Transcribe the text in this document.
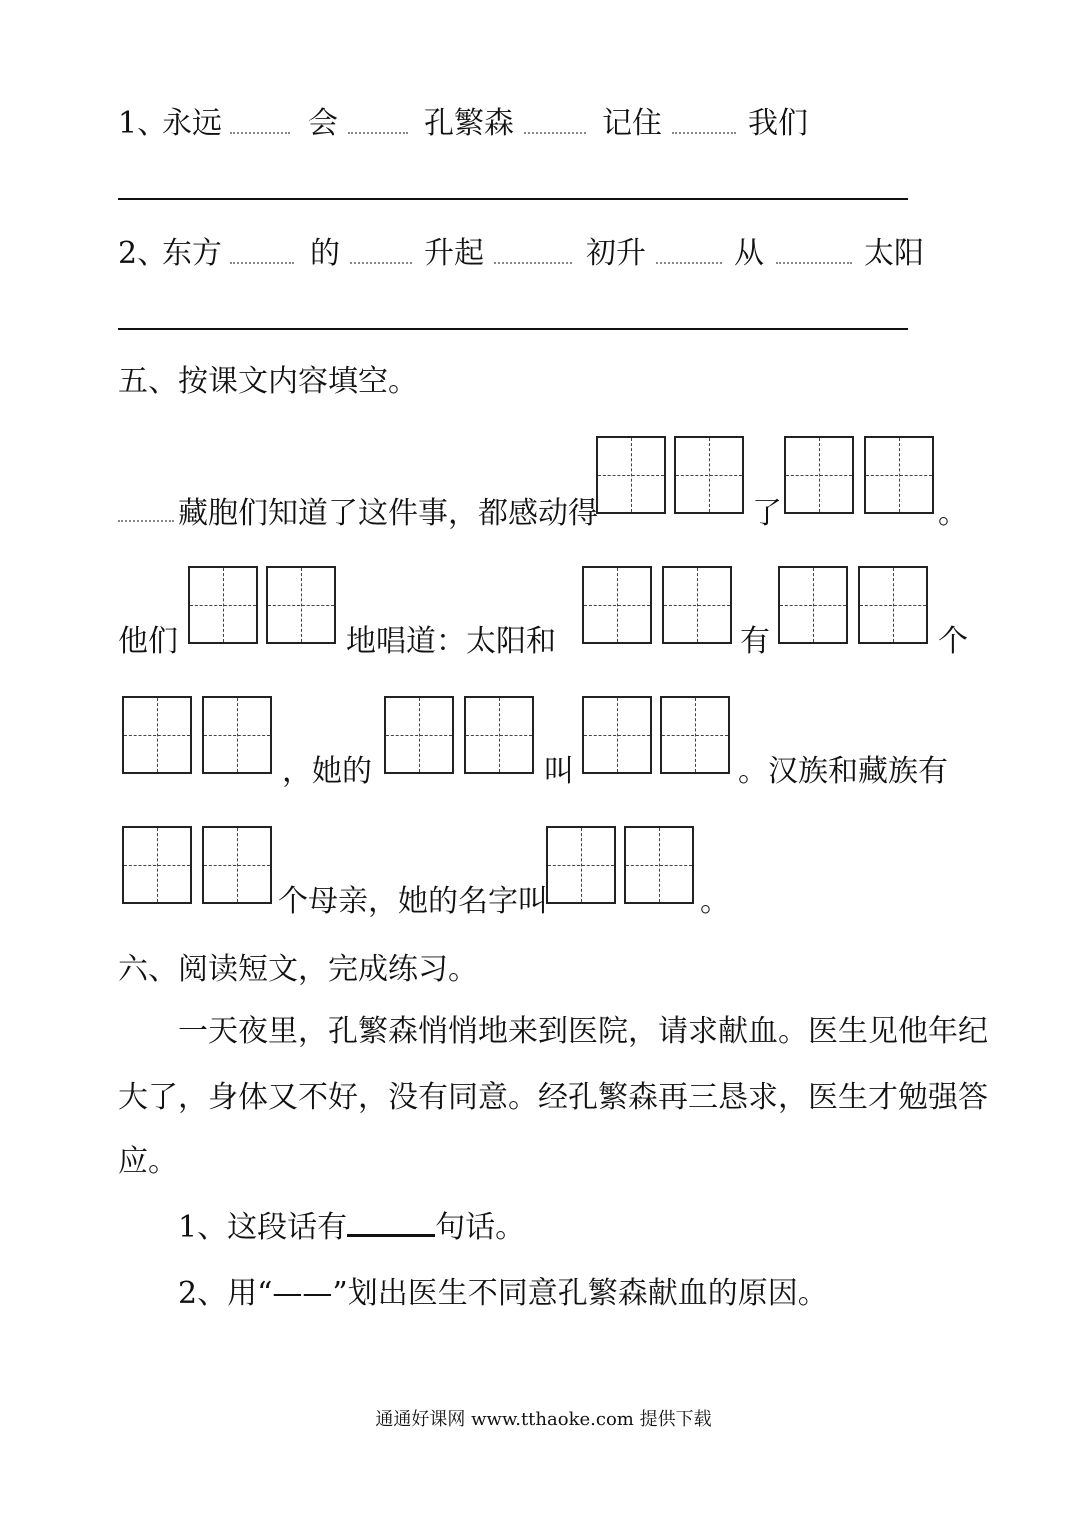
1、
永远	会	孔繁森	记住	我们
2、
东方	的	升起	初升	从	太阳
五、按课文内容填空。
藏胞们知道了这件事，都感动得	了	。
他们	地唱道：太阳和	有	个
，她的	叫	。汉族和藏族有
个母亲，她的名字叫	。
六、阅读短文，完成练习。
一天夜里，孔繁森悄悄地来到医院，请求献血。医生见他年纪
大了，身体又不好，没有同意。经孔繁森再三恳求，医生才勉强答
应。
1、这段话有	句话。
2、用“——”划出医生不同意孔繁森献血的原因。
通通好课网 www.tthaoke.com 提供下载
